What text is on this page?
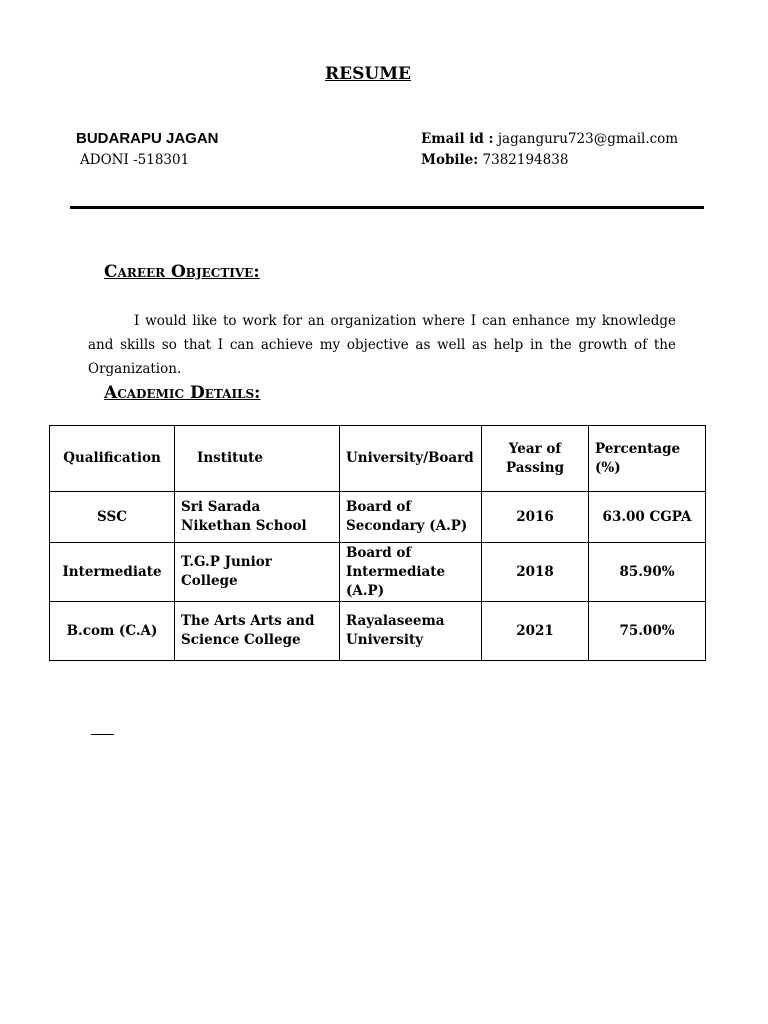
RESUME
BUDARAPU JAGAN
ADONI -518301
Email id : jaganguru723@gmail.com
Mobile: 7382194838
Career Objective:
I would like to work for an organization where I can enhance my knowledge and skills so that I can achieve my objective as well as help in the growth of the Organization.
Academic Details:
Qualification	Institute	University/Board	Year of Passing	Percentage(%)
SSC	Sri Sarada Nikethan School	Board of Secondary (A.P)	2016	63.00 CGPA
Intermediate	T.G.P Junior College	Board of Intermediate (A.P)	2018	85.90%
B.com (C.A)	The Arts Arts and Science College	Rayalaseema University	2021	75.00%
